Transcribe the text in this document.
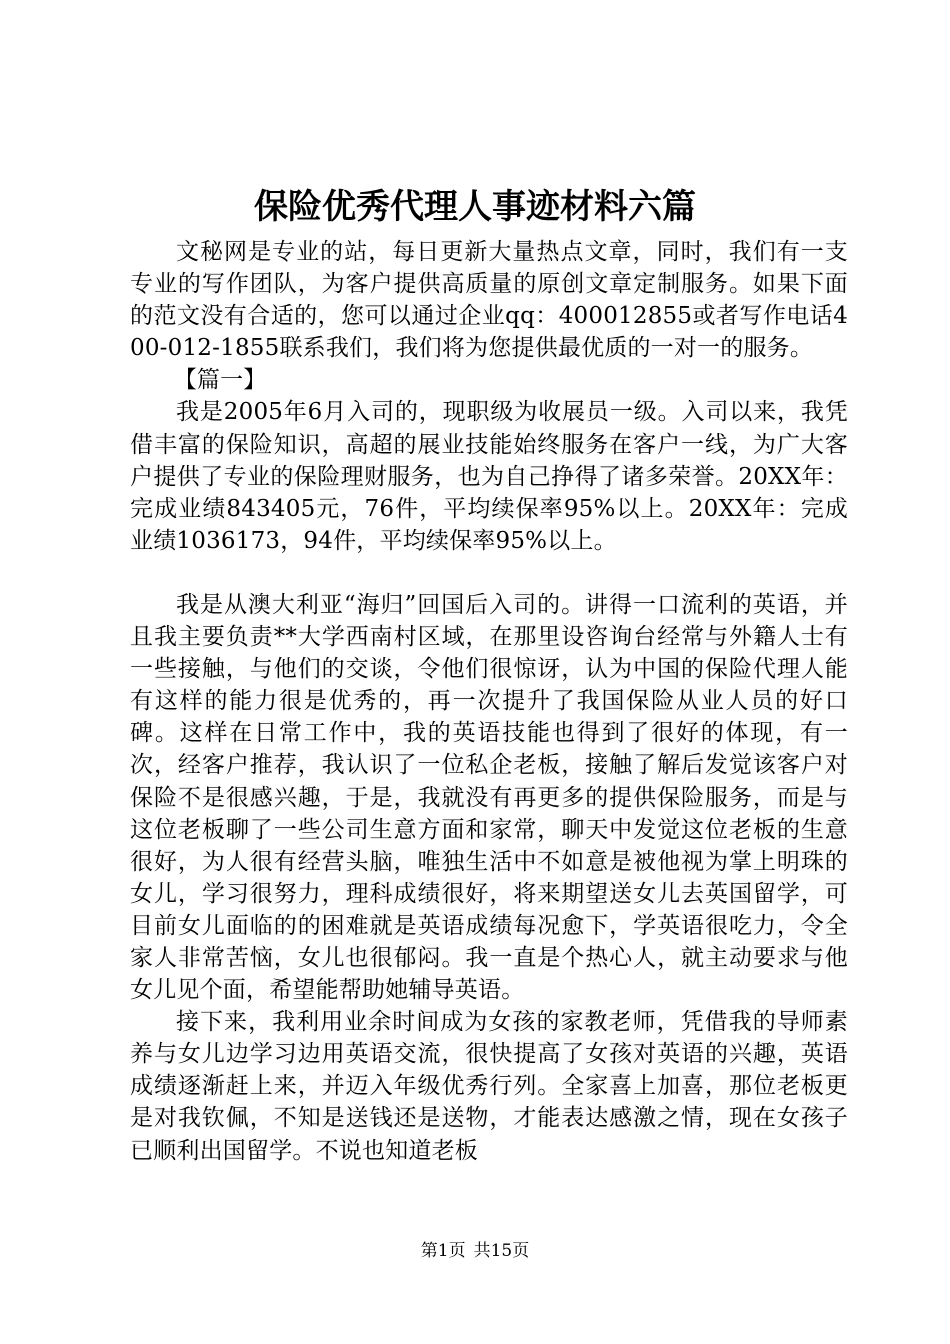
保险优秀代理人事迹材料六篇

文秘网是专业的站，每日更新大量热点文章，同时，我们有一支专业的写作团队，为客户提供高质量的原创文章定制服务。如果下面的范文没有合适的，您可以通过企业qq：400012855或者写作电话400-012-1855联系我们，我们将为您提供最优质的一对一的服务。

【篇一】

我是2005年6月入司的，现职级为收展员一级。入司以来，我凭借丰富的保险知识，高超的展业技能始终服务在客户一线，为广大客户提供了专业的保险理财服务，也为自己挣得了诸多荣誉。20XX年：完成业绩843405元，76件，平均续保率95%以上。20XX年：完成业绩1036173，94件，平均续保率95%以上。

我是从澳大利亚“海归”回国后入司的。讲得一口流利的英语，并且我主要负责**大学西南村区域，在那里设咨询台经常与外籍人士有一些接触，与他们的交谈，令他们很惊讶，认为中国的保险代理人能有这样的能力很是优秀的，再一次提升了我国保险从业人员的好口碑。这样在日常工作中，我的英语技能也得到了很好的体现，有一次，经客户推荐，我认识了一位私企老板，接触了解后发觉该客户对保险不是很感兴趣，于是，我就没有再更多的提供保险服务，而是与这位老板聊了一些公司生意方面和家常，聊天中发觉这位老板的生意很好，为人很有经营头脑，唯独生活中不如意是被他视为掌上明珠的女儿，学习很努力，理科成绩很好，将来期望送女儿去英国留学，可目前女儿面临的的困难就是英语成绩每况愈下，学英语很吃力，令全家人非常苦恼，女儿也很郁闷。我一直是个热心人，就主动要求与他女儿见个面，希望能帮助她辅导英语。

接下来，我利用业余时间成为女孩的家教老师，凭借我的导师素养与女儿边学习边用英语交流，很快提高了女孩对英语的兴趣，英语成绩逐渐赶上来，并迈入年级优秀行列。全家喜上加喜，那位老板更是对我钦佩，不知是送钱还是送物，才能表达感激之情，现在女孩子已顺利出国留学。不说也知道老板

第1页 共15页
